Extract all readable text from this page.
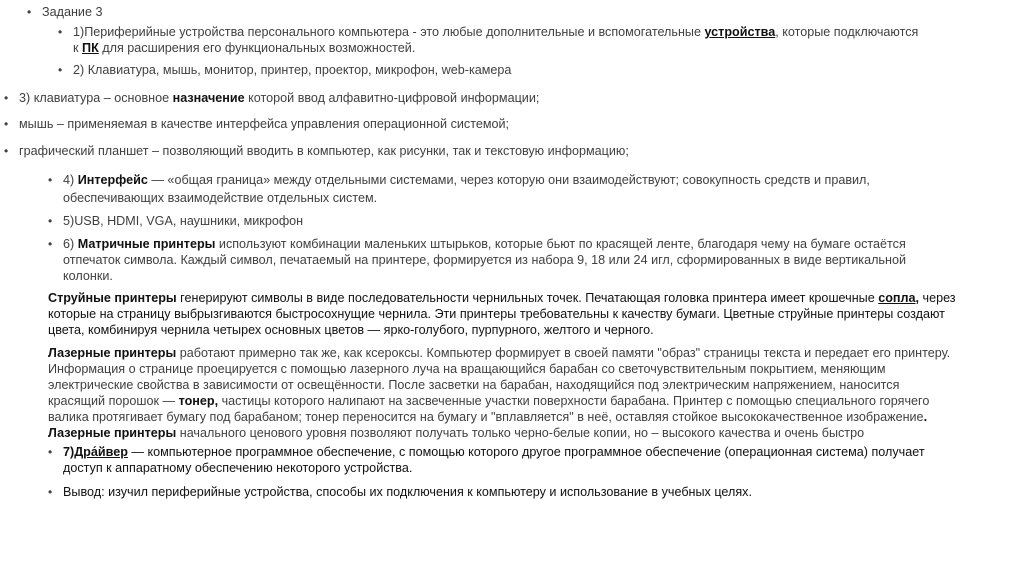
•
•
•
•
•
•
•
•
•
•
•
Задание 3
1)Периферийные устройства персонального компьютера - это любые дополнительные и вспомогательные устройства, которые подключаются
к ПК для расширения его функциональных возможностей.
2) Клавиатура, мышь, монитор, принтер, проектор, микрофон, web-камера
3) клавиатура – основное назначение которой ввод алфавитно-цифровой информации;
мышь – применяемая в качестве интерфейса управления операционной системой;
графический планшет – позволяющий вводить в компьютер, как рисунки, так и текстовую информацию;
4) Интерфейс — «общая граница» между отдельными системами, через которую они взаимодействуют; совокупность средств и правил,
обеспечивающих взаимодействие отдельных систем.
5)USB, HDMI, VGA, наушники, микрофон
6) Матричные принтеры используют комбинации маленьких штырьков, которые бьют по красящей ленте, благодаря чему на бумаге остаётся
отпечаток символа. Каждый символ, печатаемый на принтере, формируется из набора 9, 18 или 24 игл, сформированных в виде вертикальной
колонки.
Струйные принтеры генерируют символы в виде последовательности чернильных точек. Печатающая головка принтера имеет крошечные сопла, через
которые на страницу выбрызгиваются быстросохнущие чернила. Эти принтеры требовательны к качеству бумаги. Цветные струйные принтеры создают
цвета, комбинируя чернила четырех основных цветов — ярко-голубого, пурпурного, желтого и черного.
Лазерные принтеры работают примерно так же, как ксероксы. Компьютер формирует в своей памяти "образ" страницы текста и передает его принтеру.
Информация о странице проецируется с помощью лазерного луча на вращающийся барабан со светочувствительным покрытием, меняющим
электрические свойства в зависимости от освещённости. После засветки на барабан, находящийся под электрическим напряжением, наносится
красящий порошок — тонер, частицы которого налипают на засвеченные участки поверхности барабана. Принтер с помощью специального горячего
валика протягивает бумагу под барабаном; тонер переносится на бумагу и "вплавляется" в неё, оставляя стойкое высококачественное изображение.
Лазерные принтеры начального ценового уровня позволяют получать только черно-белые копии, но – высокого качества и очень быстро
7)Дра́йвер — компьютерное программное обеспечение, с помощью которого другое программное обеспечение (операционная система) получает
доступ к аппаратному обеспечению некоторого устройства.
Вывод: изучил периферийные устройства, способы их подключения к компьютеру и использование в учебных целях.
